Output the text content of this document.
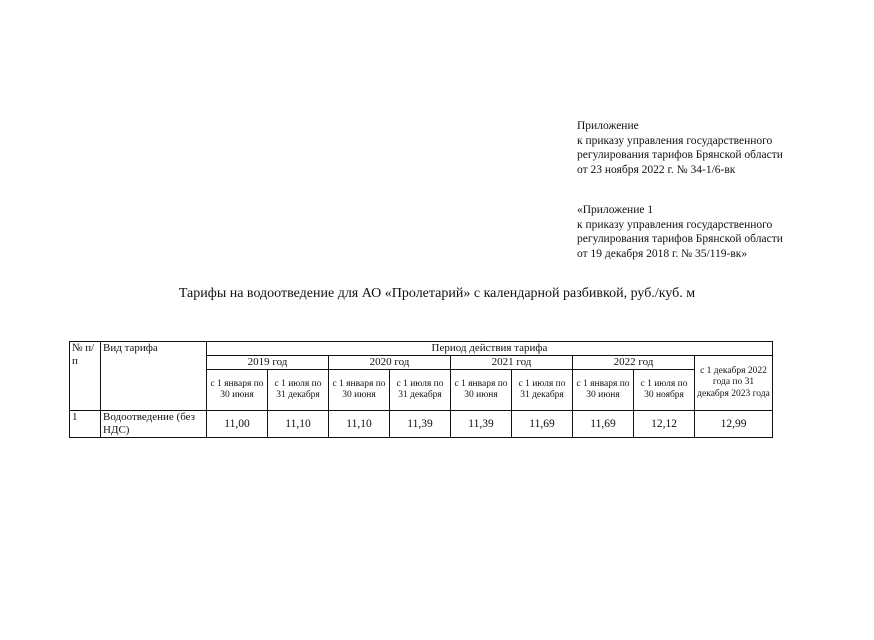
Приложение
к приказу управления государственного
регулирования тарифов Брянской области
от 23 ноября 2022 г. № 34-1/6-вк
«Приложение 1
к приказу управления государственного
регулирования тарифов Брянской области
от 19 декабря 2018 г. № 35/119-вк»
Тарифы на водоотведение для АО «Пролетарий» с календарной разбивкой, руб./куб. м
№ п/п	Вид тарифа	Период действия тарифа								
		2019 год		2020 год		2021 год		2022 год		с 1 декабря 2022 года по 31 декабря 2023 года
		с 1 января по 30 июня	с 1 июля по 31 декабря	с 1 января по 30 июня	с 1 июля по 31 декабря	с 1 января по 30 июня	с 1 июля по 31 декабря	с 1 января по 30 июня	с 1 июля по 30 ноября	
1	Водоотведение (без НДС)	11,00	11,10	11,10	11,39	11,39	11,69	11,69	12,12	12,99
